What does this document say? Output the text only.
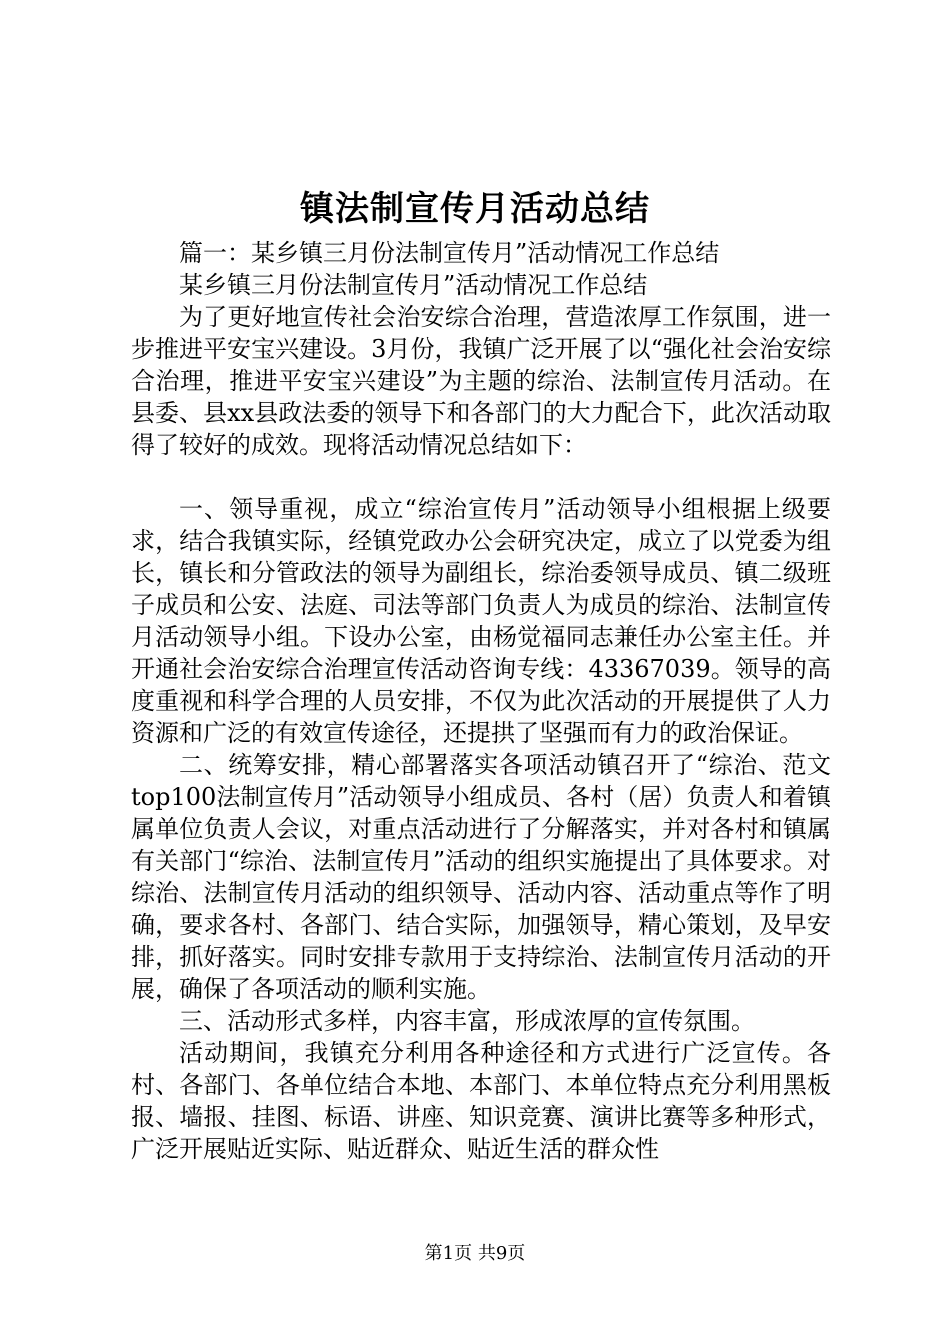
镇法制宣传月活动总结

篇一：某乡镇三月份法制宣传月”活动情况工作总结

某乡镇三月份法制宣传月”活动情况工作总结

为了更好地宣传社会治安综合治理，营造浓厚工作氛围，进一步推进平安宝兴建设。3月份，我镇广泛开展了以“强化社会治安综合治理，推进平安宝兴建设”为主题的综治、法制宣传月活动。在县委、县xx县政法委的领导下和各部门的大力配合下，此次活动取得了较好的成效。现将活动情况总结如下：

一、领导重视，成立“综治宣传月”活动领导小组根据上级要求，结合我镇实际，经镇党政办公会研究决定，成立了以党委为组长，镇长和分管政法的领导为副组长，综治委领导成员、镇二级班子成员和公安、法庭、司法等部门负责人为成员的综治、法制宣传月活动领导小组。下设办公室，由杨觉福同志兼任办公室主任。并开通社会治安综合治理宣传活动咨询专线：43367039。领导的高度重视和科学合理的人员安排，不仅为此次活动的开展提供了人力资源和广泛的有效宣传途径，还提拱了坚强而有力的政治保证。

二、统筹安排，精心部署落实各项活动镇召开了“综治、范文top100法制宣传月”活动领导小组成员、各村（居）负责人和着镇属单位负责人会议，对重点活动进行了分解落实，并对各村和镇属有关部门“综治、法制宣传月”活动的组织实施提出了具体要求。对综治、法制宣传月活动的组织领导、活动内容、活动重点等作了明确，要求各村、各部门、结合实际，加强领导，精心策划，及早安排，抓好落实。同时安排专款用于支持综治、法制宣传月活动的开展，确保了各项活动的顺利实施。

三、活动形式多样，内容丰富，形成浓厚的宣传氛围。

活动期间，我镇充分利用各种途径和方式进行广泛宣传。各村、各部门、各单位结合本地、本部门、本单位特点充分利用黑板报、墙报、挂图、标语、讲座、知识竞赛、演讲比赛等多种形式，广泛开展贴近实际、贴近群众、贴近生活的群众性

第1页 共9页
